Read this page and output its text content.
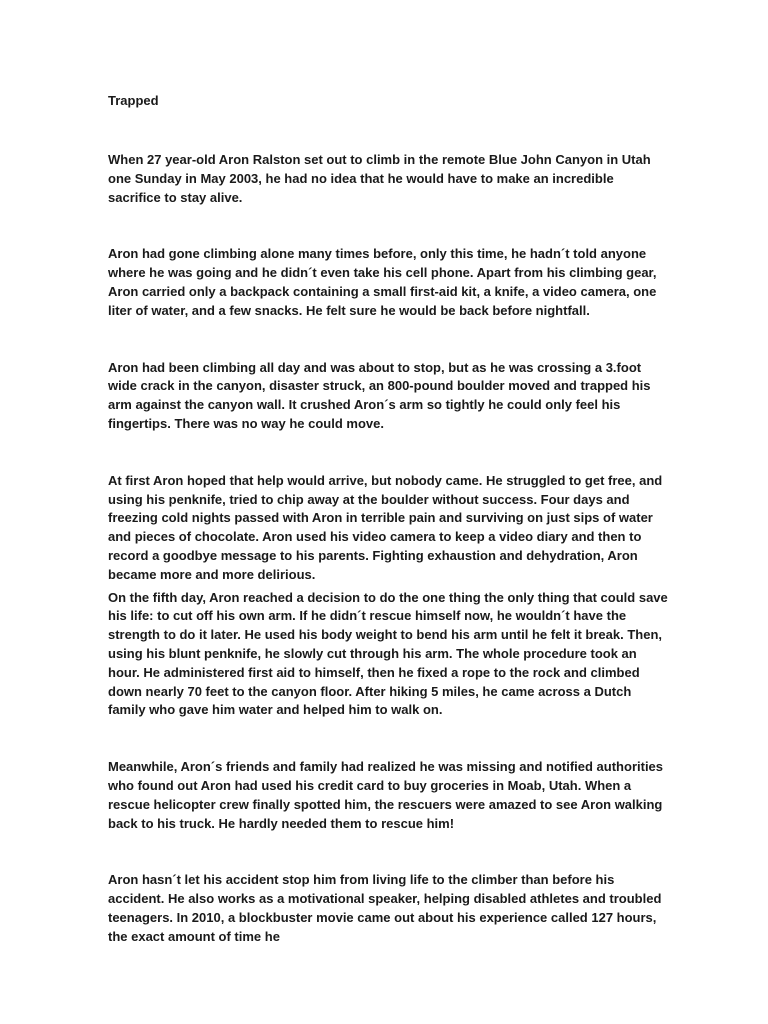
Trapped

When 27 year-old Aron Ralston set out to climb in the remote Blue John Canyon in Utah one Sunday in May 2003, he had no idea that he would have to make an incredible sacrifice to stay alive.

Aron had gone climbing alone many times before, only this time, he hadn´t told anyone where he was going and he didn´t even take his cell phone. Apart from his climbing gear, Aron carried only a backpack containing a small first-aid kit, a knife, a video camera, one liter of water, and a few snacks. He felt sure he would be back before nightfall.

Aron had been climbing all day and was about to stop, but as he was crossing a 3.foot wide crack in the canyon, disaster struck, an 800-pound boulder moved and trapped his arm against the canyon wall. It crushed Aron´s arm so tightly he could only feel his fingertips. There was no way he could move.

At first Aron hoped that help would arrive, but nobody came. He struggled to get free, and using his penknife, tried to chip away at the boulder without success. Four days and freezing cold nights passed with Aron in terrible pain and surviving on just sips of water and pieces of chocolate. Aron used his video camera to keep a video diary and then to record a goodbye message to his parents. Fighting exhaustion and dehydration, Aron became more and more delirious.

On the fifth day, Aron reached a decision to do the one thing the only thing that could save his life: to cut off his own arm. If he didn´t rescue himself now, he wouldn´t have the strength to do it later. He used his body weight to bend his arm until he felt it break. Then, using his blunt penknife, he slowly cut through his arm. The whole procedure took an hour. He administered first aid to himself, then he fixed a rope to the rock and climbed down nearly 70 feet to the canyon floor. After hiking 5 miles, he came across a Dutch family who gave him water and helped him to walk on.

Meanwhile, Aron´s friends and family had realized he was missing and notified authorities who found out Aron had used his credit card to buy groceries in Moab, Utah. When a rescue helicopter crew finally spotted him, the rescuers were amazed to see Aron walking back to his truck. He hardly needed them to rescue him!

Aron hasn´t let his accident stop him from living life to the climber than before his accident. He also works as a motivational speaker, helping disabled athletes and troubled teenagers. In 2010, a blockbuster movie came out about his experience called 127 hours, the exact amount of time he
